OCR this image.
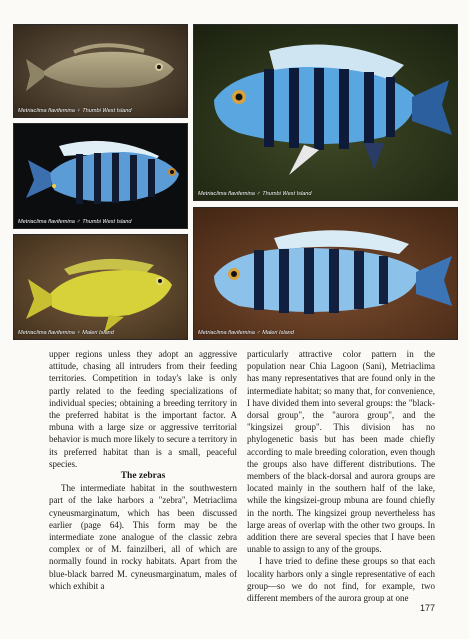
Metriaclima flavifemina ♀ Thumbi West Island
Metriaclima flavifemina ♂ Thumbi West Island
Metriaclima flavifemina ♂ Thumbi West Island
Metriaclima flavifemina ♀ Maleri Island	Metriaclima flavifemina ♂ Maleri Island

upper regions unless they adopt an aggressive attitude, chasing all intruders from their feeding territories. Competition in today's lake is only partly related to the feeding specializations of individual species; obtaining a breeding territory in the preferred habitat is the important factor. A mbuna with a large size or aggressive territorial behavior is much more likely to secure a territory in its preferred habitat than is a small, peaceful species.

The zebras

The intermediate habitat in the southwestern part of the lake harbors a "zebra", Metriaclima cyneusmarginatum, which has been discussed earlier (page 64). This form may be the intermediate zone analogue of the classic zebra complex or of M. fainzilberi, all of which are normally found in rocky habitats. Apart from the blue-black barred M. cyneusmarginatum, males of which exhibit a

particularly attractive color pattern in the population near Chia Lagoon (Sani), Metriaclima has many representatives that are found only in the intermediate habitat; so many that, for convenience, I have divided them into several groups: the "black-dorsal group", the "aurora group", and the "kingsizei group". This division has no phylogenetic basis but has been made chiefly according to male breeding coloration, even though the groups also have different distributions. The members of the black-dorsal and aurora groups are located mainly in the southern half of the lake, while the kingsizei-group mbuna are found chiefly in the north. The kingsizei group nevertheless has large areas of overlap with the other two groups. In addition there are several species that I have been unable to assign to any of the groups.

I have tried to define these groups so that each locality harbors only a single representative of each group—so we do not find, for example, two different members of the aurora group at one

177
